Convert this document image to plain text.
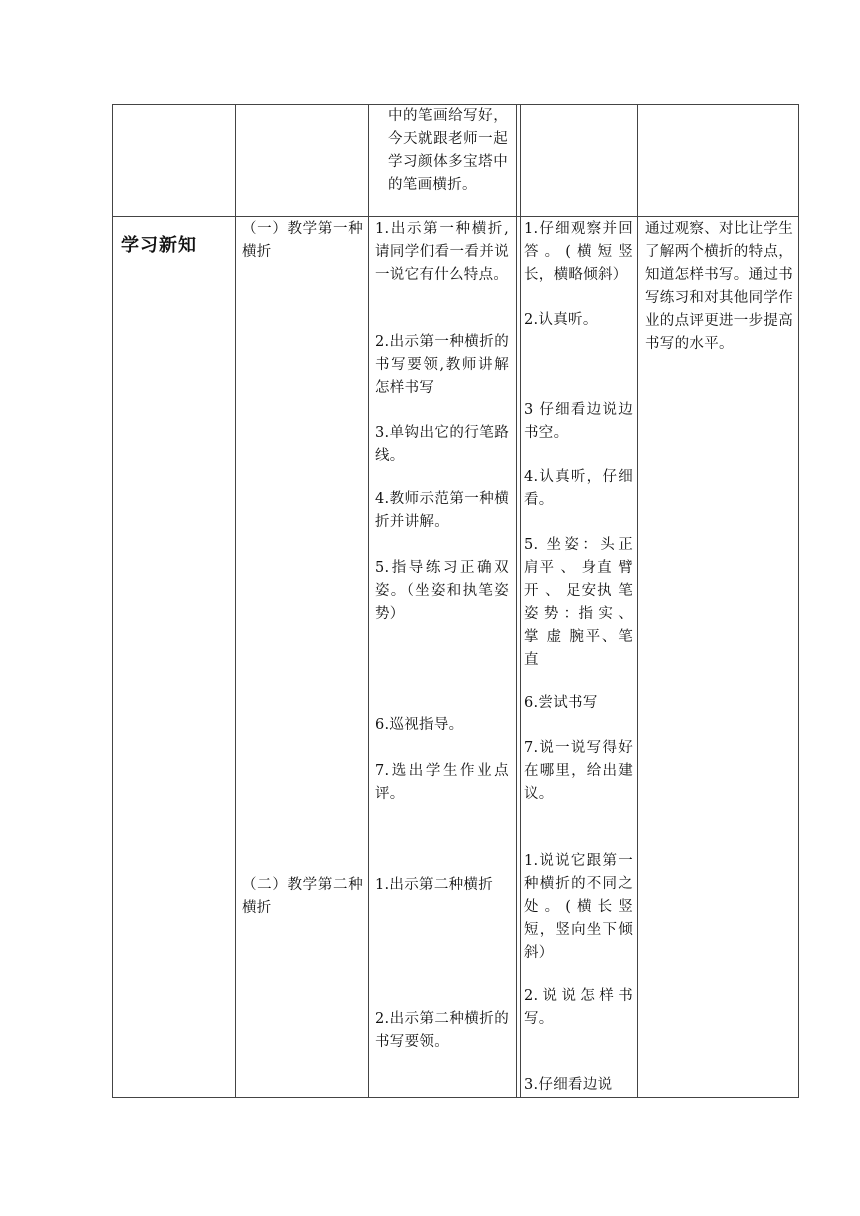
中的笔画给写好，今天就跟老师一起学习颜体多宝塔中的笔画横折。
学习新知
（一）教学第一种横折
（二）教学第二种横折
1.出示第一种横折,请同学们看一看并说一说它有什么特点。
2.出示第一种横折的书写要领,教师讲解怎样书写
3.单钩出它的行笔路线。
4.教师示范第一种横折并讲解。
5.指导练习正确双姿。（坐姿和执笔姿势）
6.巡视指导。
7.选出学生作业点评。
1.出示第二种横折
2.出示第二种横折的书写要领。
1.仔细观察并回答。(横短竖长，横略倾斜）
2.认真听。
3 仔细看边说边书空。
4.认真听，仔细看。
5. 坐姿：头正 肩平 、 身直 臂开 、 足安执 笔 姿 势 ：指 实 、 掌 虚 腕平、笔直
6.尝试书写
7.说一说写得好在哪里，给出建议。
1.说说它跟第一种横折的不同之处。(横长竖短，竖向坐下倾斜）
2.说说怎样书写。
3.仔细看边说
通过观察、对比让学生了解两个横折的特点，知道怎样书写。通过书写练习和对其他同学作业的点评更进一步提高书写的水平。
